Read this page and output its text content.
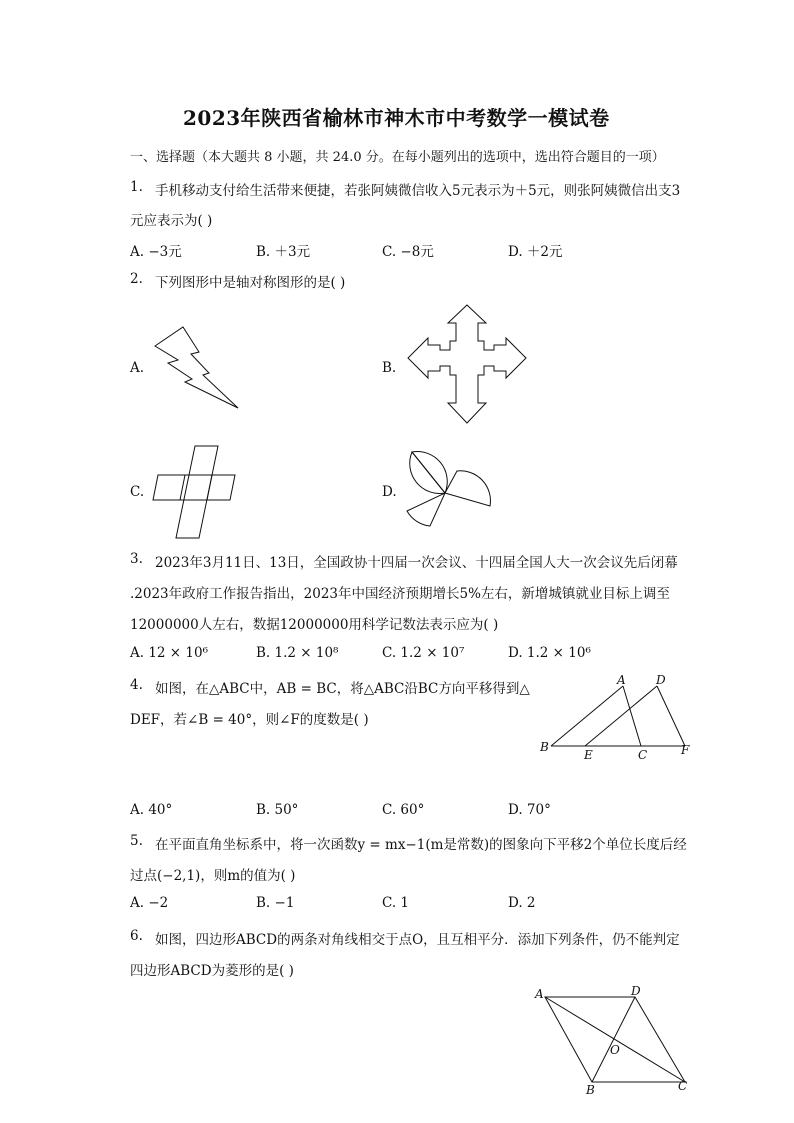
2023年陕西省榆林市神木市中考数学一模试卷
一、选择题（本大题共 8 小题，共 24.0 分。在每小题列出的选项中，选出符合题目的一项）
1. 手机移动支付给生活带来便捷，若张阿姨微信收入5元表示为＋5元，则张阿姨微信出支3
元应表示为( )
A. −3元	B. ＋3元	C. −8元	D. ＋2元
2. 下列图形中是轴对称图形的是( )
A.	B.
C.	D.
3. 2023年3月11日、13日，全国政协十四届一次会议、十四届全国人大一次会议先后闭幕
.2023年政府工作报告指出，2023年中国经济预期增长5%左右，新增城镇就业目标上调至
12000000人左右，数据12000000用科学记数法表示应为( )
A. 12 × 10⁶	B. 1.2 × 10⁸	C. 1.2 × 10⁷	D. 1.2 × 10⁶
4. 如图，在△ABC中，AB = BC，将△ABC沿BC方向平移得到△
DEF，若∠B = 40°，则∠F的度数是( )
A	D
B
E	C	F
A. 40°	B. 50°	C. 60°	D. 70°
5. 在平面直角坐标系中，将一次函数y = mx−1(m是常数)的图象向下平移2个单位长度后经
过点(−2,1)，则m的值为( )
A. −2	B. −1	C. 1	D. 2
6. 如图，四边形ABCD的两条对角线相交于点O，且互相平分．添加下列条件，仍不能判定
四边形ABCD为菱形的是( )
A	D
O
B	C
